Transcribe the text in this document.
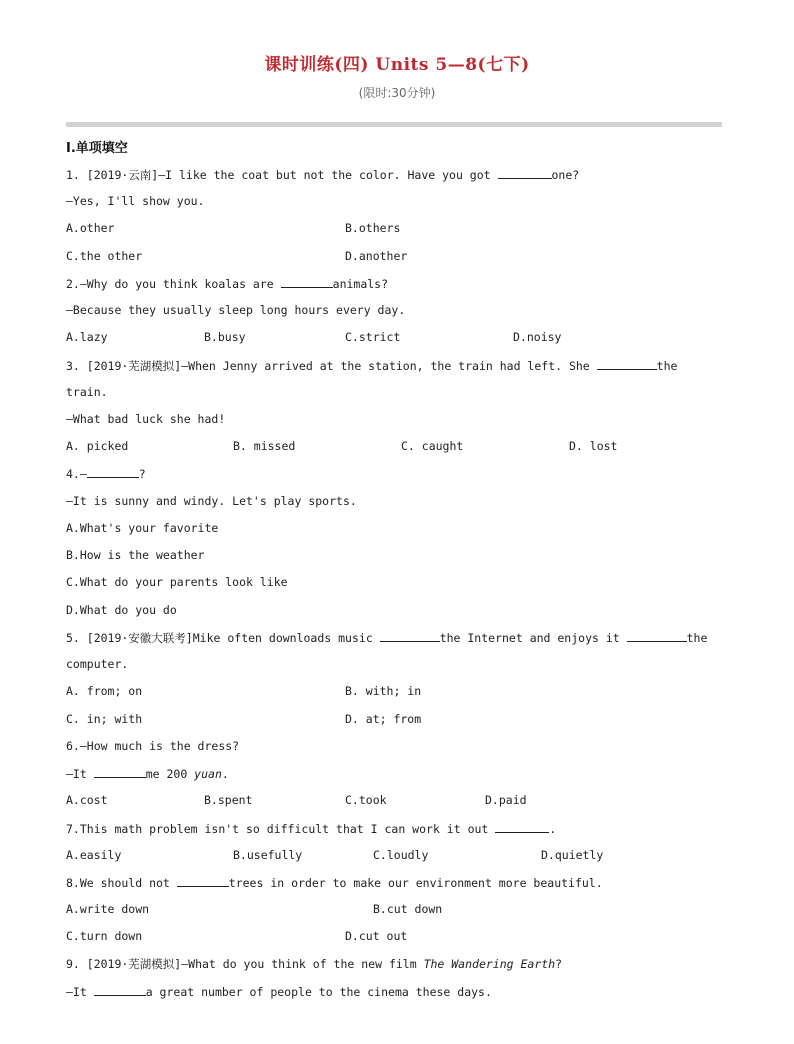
课时训练(四) Units 5—8(七下)
(限时:30分钟)
Ⅰ.单项填空
1. [2019·云南]—I like the coat but not the color. Have you got	one?
—Yes, I'll show you.
A.other	B.others
C.the other	D.another
2.—Why do you think koalas are	animals?
—Because they usually sleep long hours every day.
A.lazy	B.busy	C.strict	D.noisy
3. [2019·芜湖模拟]—When Jenny arrived at the station, the train had left. She	the
train.
—What bad luck she had!
A. picked	B. missed	C. caught	D. lost
4.—	?
—It is sunny and windy. Let's play sports.
A.What's your favorite
B.How is the weather
C.What do your parents look like
D.What do you do
5. [2019·安徽大联考]Mike often downloads music	the Internet and enjoys it	the
computer.
A. from; on	B. with; in
C. in; with	D. at; from
6.—How much is the dress?
—It	me 200 yuan.
A.cost	B.spent	C.took	D.paid
7.This math problem isn't so difficult that I can work it out	.
A.easily	B.usefully	C.loudly	D.quietly
8.We should not	trees in order to make our environment more beautiful.
A.write down	B.cut down
C.turn down	D.cut out
9. [2019·芜湖模拟]—What do you think of the new film The Wandering Earth?
—It	a great number of people to the cinema these days.
